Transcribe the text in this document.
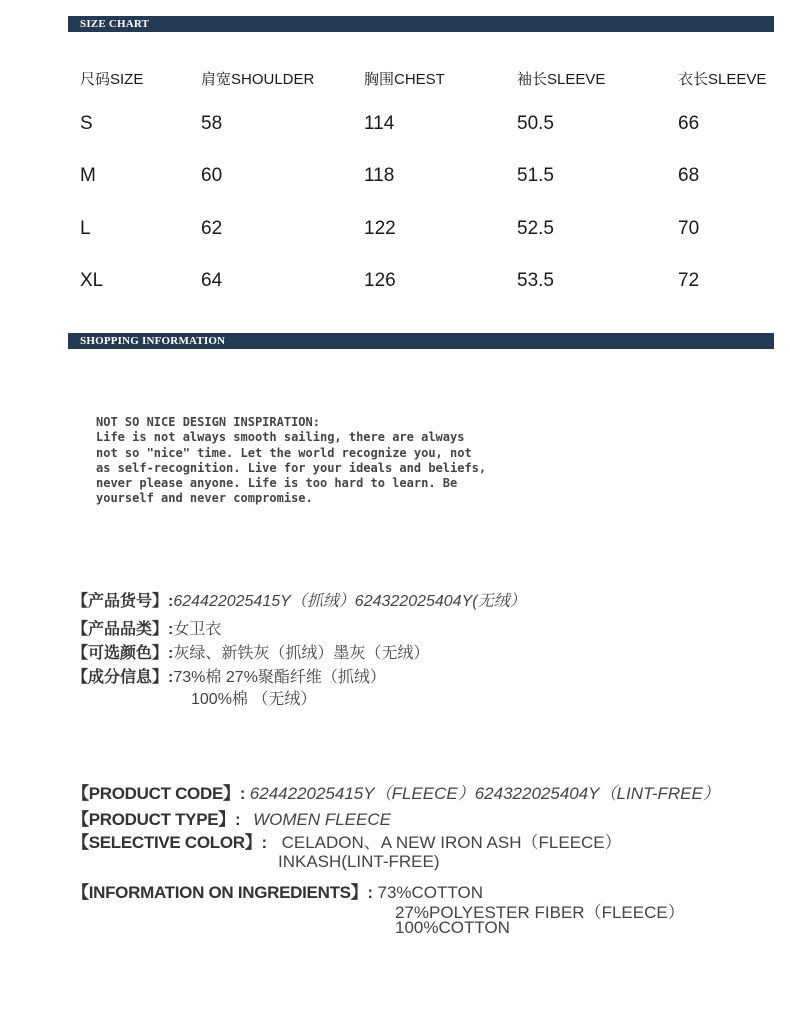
SIZE CHART
尺码SIZE	肩宽SHOULDER	胸围CHEST	袖长SLEEVE	衣长SLEEVE
S	58	114	50.5	66
M	60	118	51.5	68
L	62	122	52.5	70
XL	64	126	53.5	72
SHOPPING INFORMATION
NOT SO NICE DESIGN INSPIRATION:
Life is not always smooth sailing, there are always
not so "nice" time. Let the world recognize you, not
as self-recognition. Live for your ideals and beliefs,
never please anyone. Life is too hard to learn. Be
yourself and never compromise.
【产品货号】:624422025415Y（抓绒）624322025404Y(无绒）
【产品品类】:女卫衣
【可选颜色】:灰绿、新铁灰（抓绒）墨灰（无绒）
【成分信息】:73%棉 27%聚酯纤维（抓绒）
100%棉 （无绒）
【PRODUCT CODE】: 624422025415Y（FLEECE）624322025404Y（LINT-FREE）
【PRODUCT TYPE】: WOMEN FLEECE
【SELECTIVE COLOR】: CELADON、A NEW IRON ASH（FLEECE）
INKASH(LINT-FREE)
【INFORMATION ON INGREDIENTS】: 73%COTTON
27%POLYESTER FIBER（FLEECE）
100%COTTON
